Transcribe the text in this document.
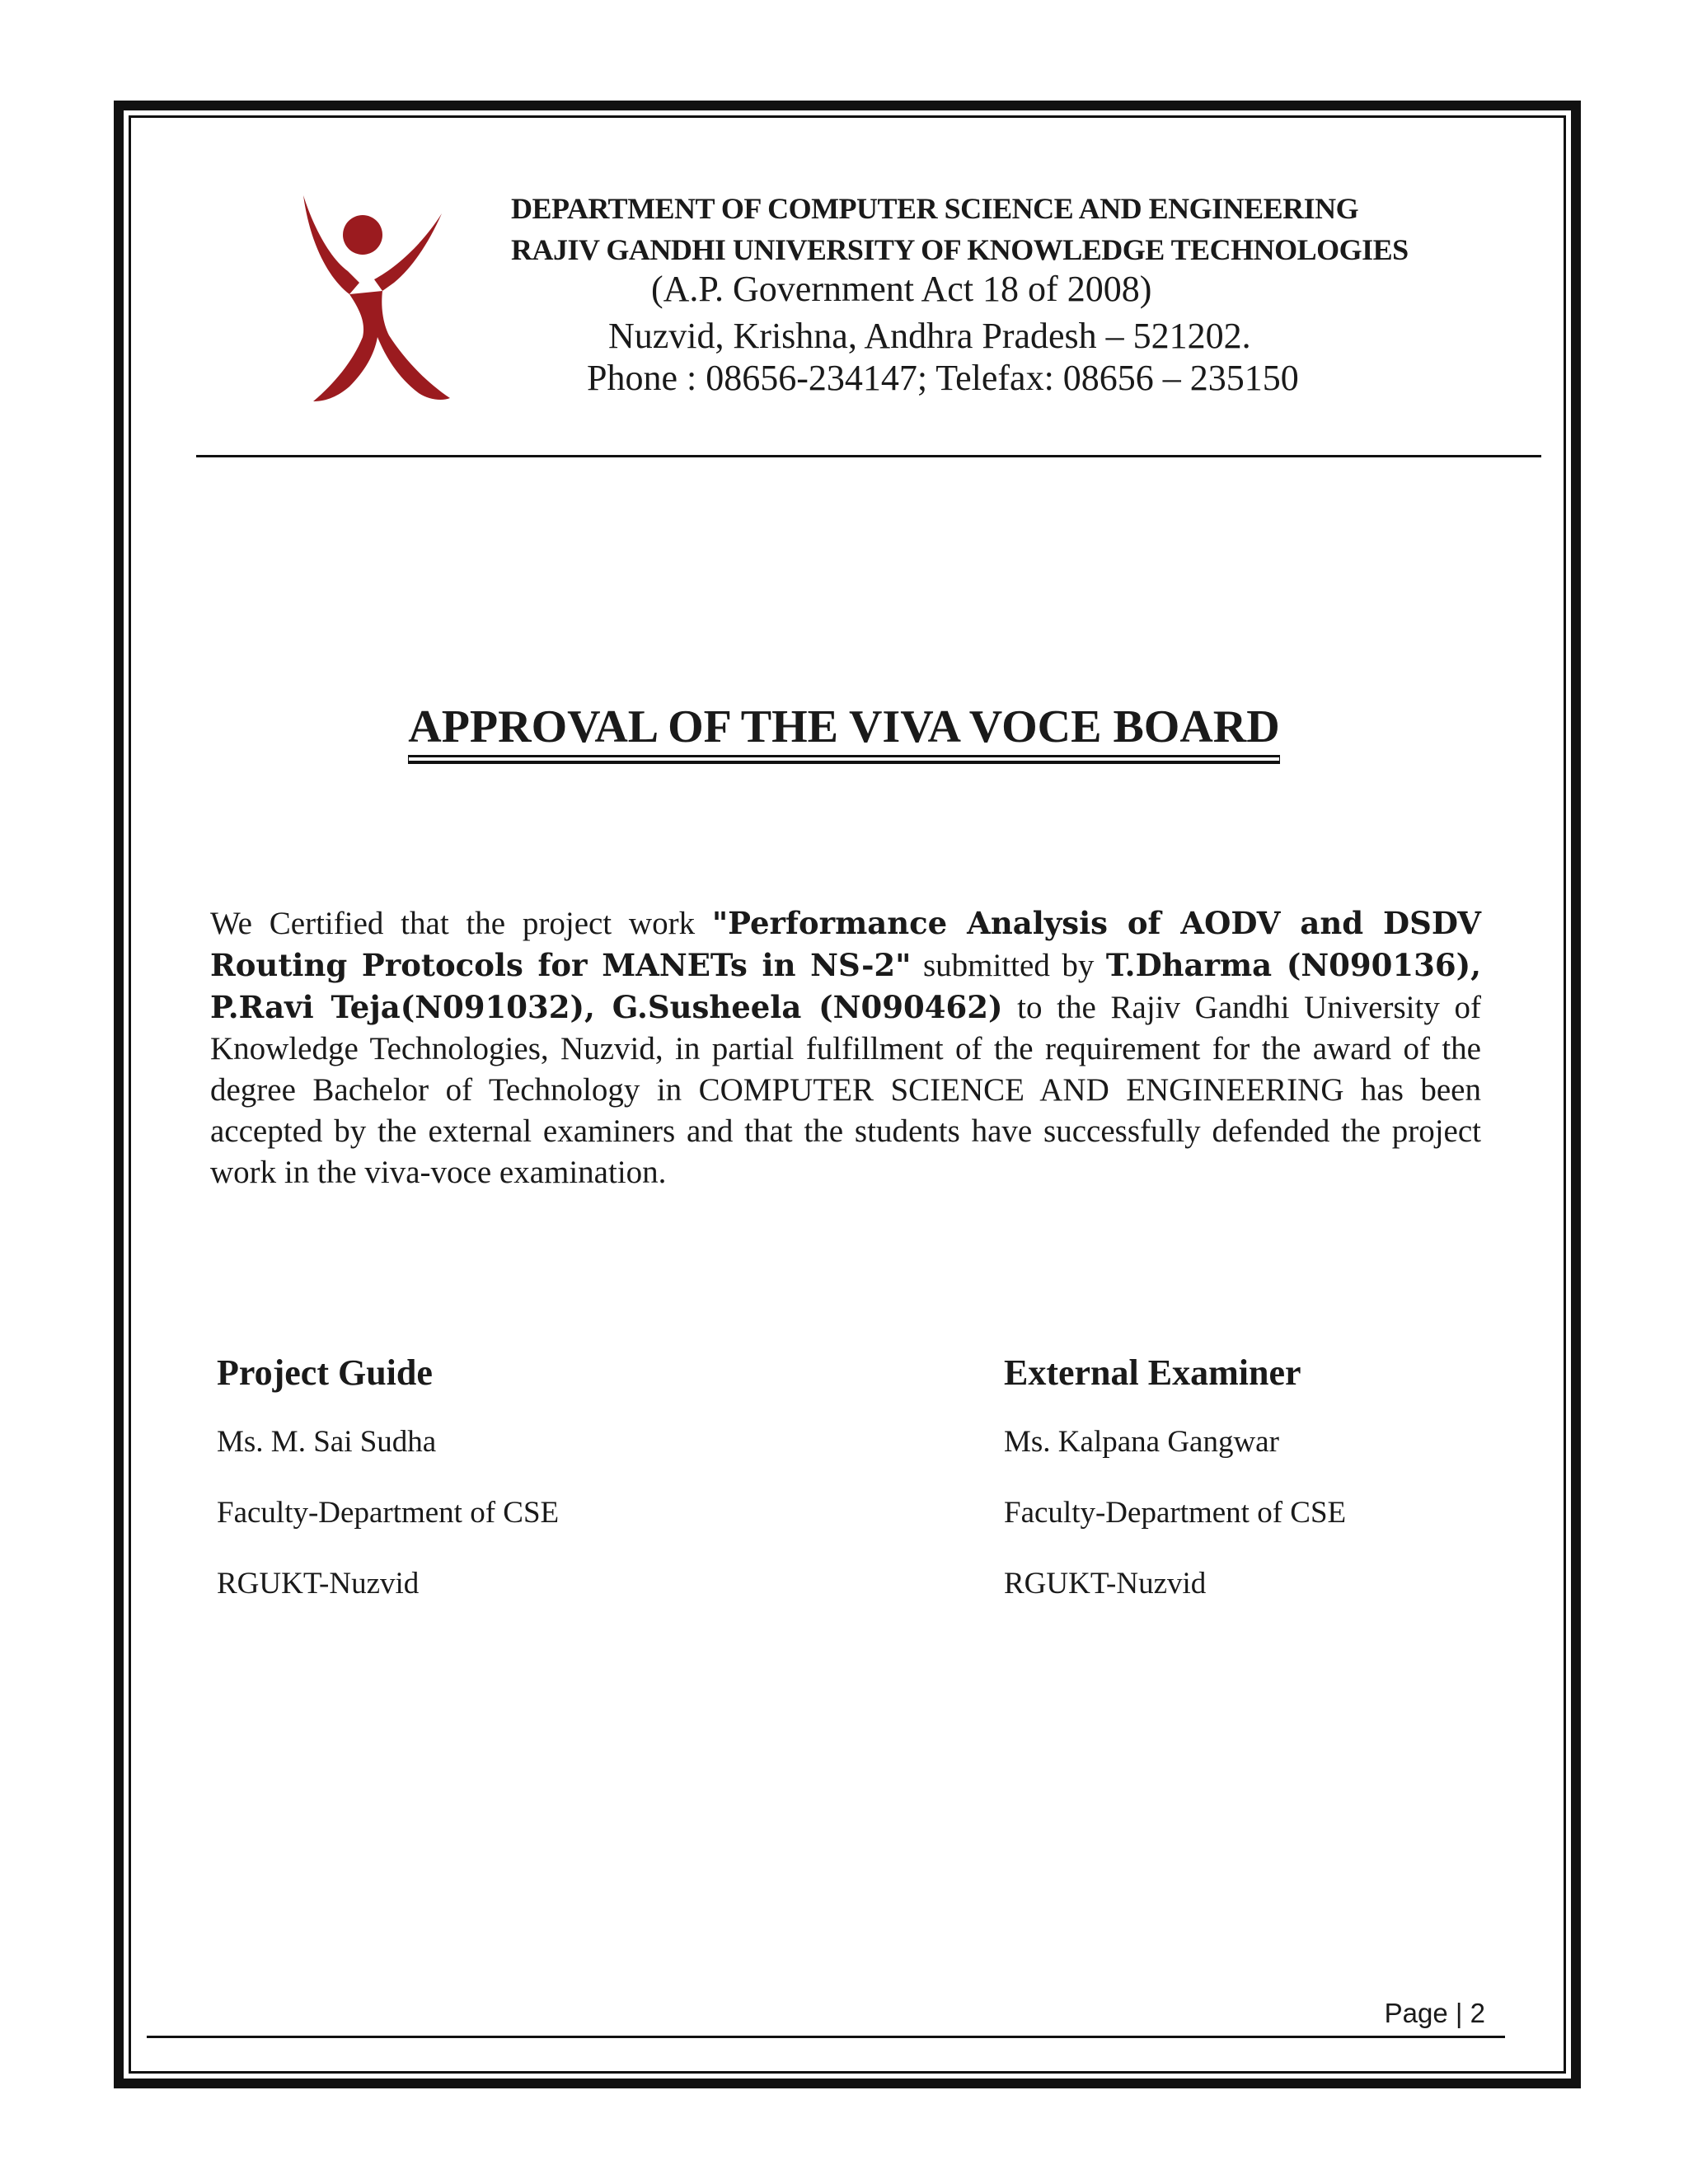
DEPARTMENT OF COMPUTER SCIENCE AND ENGINEERING
RAJIV GANDHI UNIVERSITY OF KNOWLEDGE TECHNOLOGIES
(A.P. Government Act 18 of 2008)
Nuzvid, Krishna, Andhra Pradesh – 521202.
Phone : 08656-234147; Telefax: 08656 – 235150
APPROVAL OF THE VIVA VOCE BOARD
We Certified that the project work "Performance Analysis of AODV and DSDV Routing Protocols for MANETs in NS-2" submitted by T.Dharma (N090136), P.Ravi Teja(N091032), G.Susheela (N090462) to the Rajiv Gandhi University of Knowledge Technologies, Nuzvid, in partial fulfillment of the requirement for the award of the degree Bachelor of Technology in COMPUTER SCIENCE AND ENGINEERING has been accepted by the external examiners and that the students have successfully defended the project work in the viva-voce examination.
Project Guide
Ms. M. Sai Sudha
Faculty-Department of CSE
RGUKT-Nuzvid
External Examiner
Ms. Kalpana Gangwar
Faculty-Department of CSE
RGUKT-Nuzvid
Page | 2
